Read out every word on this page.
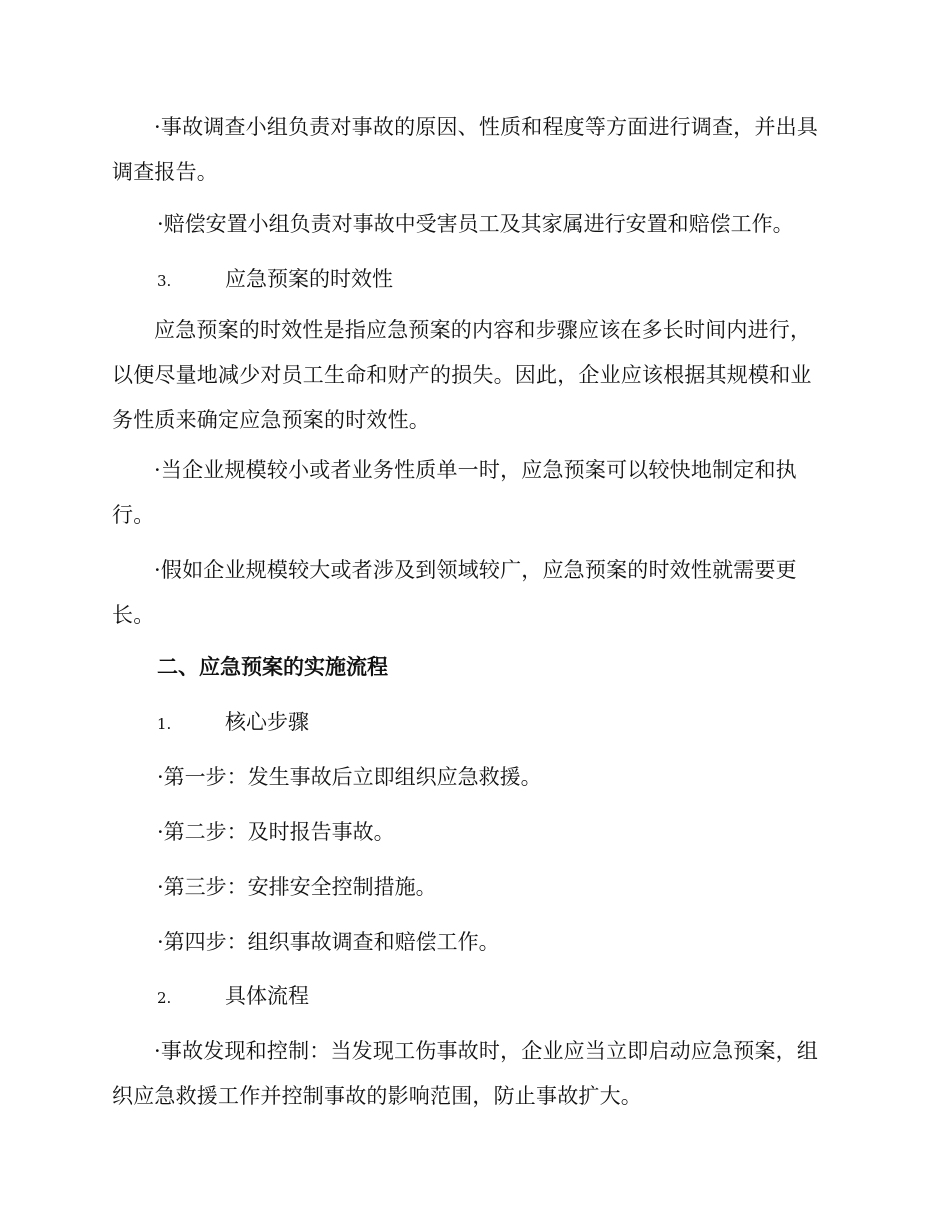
·事故调查小组负责对事故的原因、性质和程度等方面进行调查，并出具调查报告。

·赔偿安置小组负责对事故中受害员工及其家属进行安置和赔偿工作。

3.	应急预案的时效性

应急预案的时效性是指应急预案的内容和步骤应该在多长时间内进行，以便尽量地减少对员工生命和财产的损失。因此，企业应该根据其规模和业务性质来确定应急预案的时效性。

·当企业规模较小或者业务性质单一时，应急预案可以较快地制定和执行。

·假如企业规模较大或者涉及到领域较广，应急预案的时效性就需要更长。

二、应急预案的实施流程
1.	核心步骤

·第一步：发生事故后立即组织应急救援。

·第二步：及时报告事故。

·第三步：安排安全控制措施。

·第四步：组织事故调查和赔偿工作。

2.	具体流程

·事故发现和控制：当发现工伤事故时，企业应当立即启动应急预案，组织应急救援工作并控制事故的影响范围，防止事故扩大。
